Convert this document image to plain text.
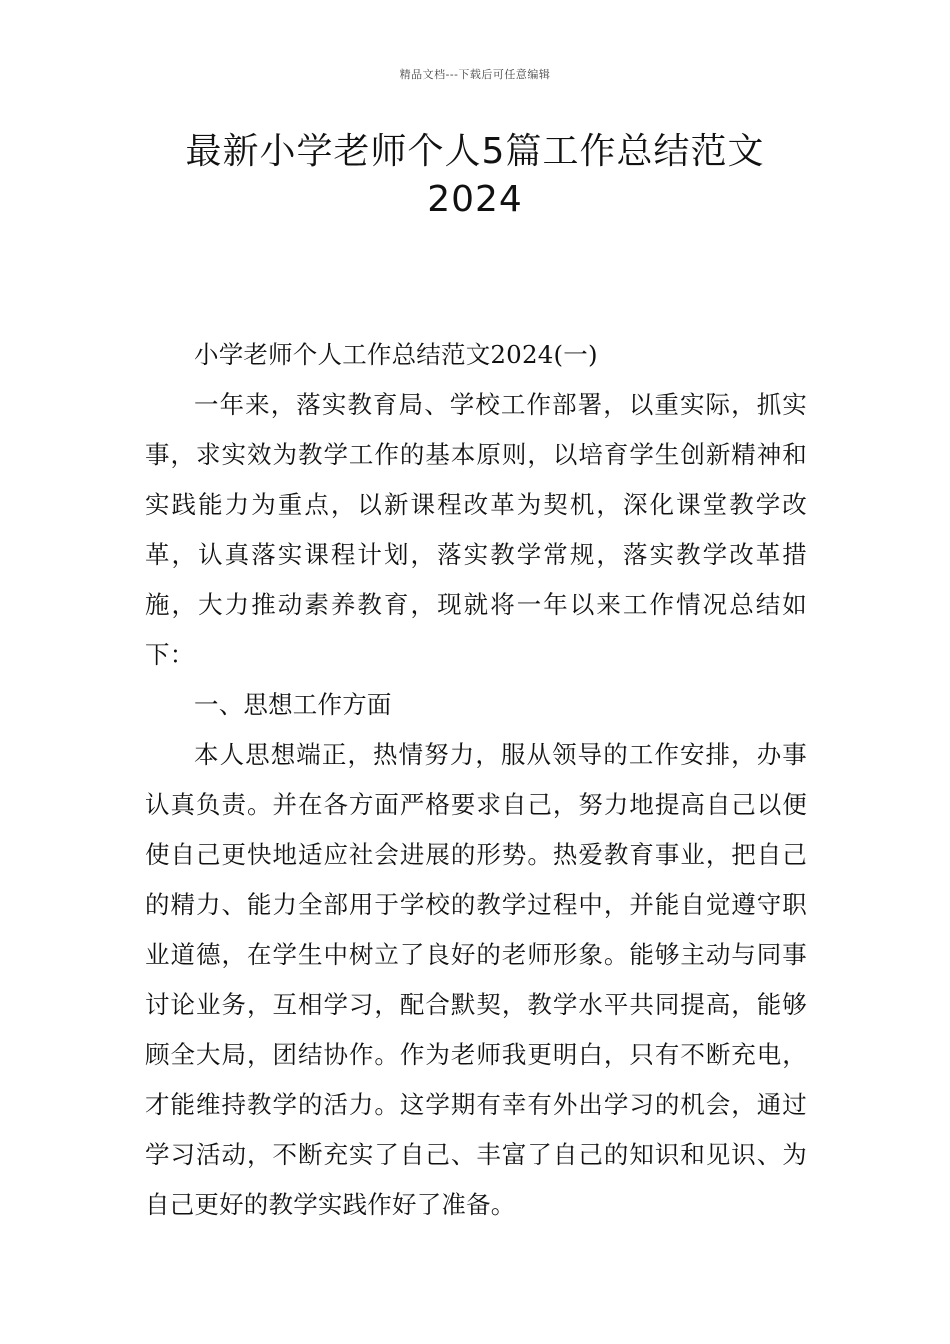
精品文档---下载后可任意编辑
最新小学老师个人5篇工作总结范文
2024

小学老师个人工作总结范文2024(一)

一年来，落实教育局、学校工作部署，以重实际，抓实事，求实效为教学工作的基本原则，以培育学生创新精神和实践能力为重点，以新课程改革为契机，深化课堂教学改革，认真落实课程计划，落实教学常规，落实教学改革措施，大力推动素养教育，现就将一年以来工作情况总结如下：

一、思想工作方面

本人思想端正，热情努力，服从领导的工作安排，办事认真负责。并在各方面严格要求自己，努力地提高自己以便使自己更快地适应社会进展的形势。热爱教育事业，把自己的精力、能力全部用于学校的教学过程中，并能自觉遵守职业道德，在学生中树立了良好的老师形象。能够主动与同事讨论业务，互相学习，配合默契，教学水平共同提高，能够顾全大局，团结协作。作为老师我更明白，只有不断充电，才能维持教学的活力。这学期有幸有外出学习的机会，通过学习活动，不断充实了自己、丰富了自己的知识和见识、为自己更好的教学实践作好了准备。
